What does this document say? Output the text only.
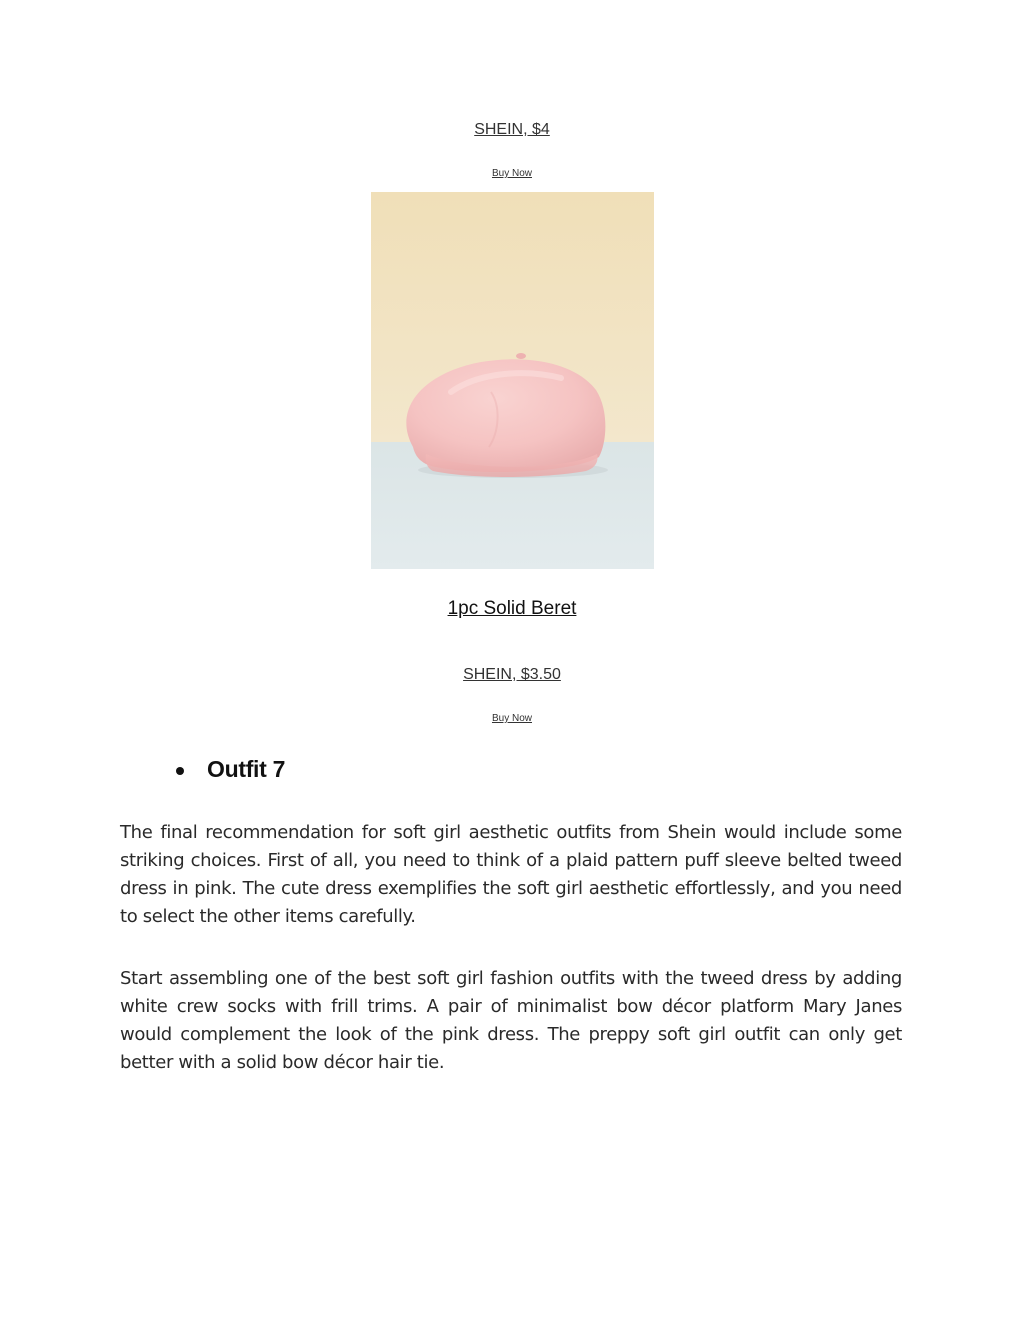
SHEIN, $4
Buy Now
1pc Solid Beret
SHEIN, $3.50
Buy Now
Outfit 7

The final recommendation for soft girl aesthetic outfits from Shein would include some striking choices. First of all, you need to think of a plaid pattern puff sleeve belted tweed dress in pink. The cute dress exemplifies the soft girl aesthetic effortlessly, and you need to select the other items carefully.

Start assembling one of the best soft girl fashion outfits with the tweed dress by adding white crew socks with frill trims. A pair of minimalist bow décor platform Mary Janes would complement the look of the pink dress. The preppy soft girl outfit can only get better with a solid bow décor hair tie.
